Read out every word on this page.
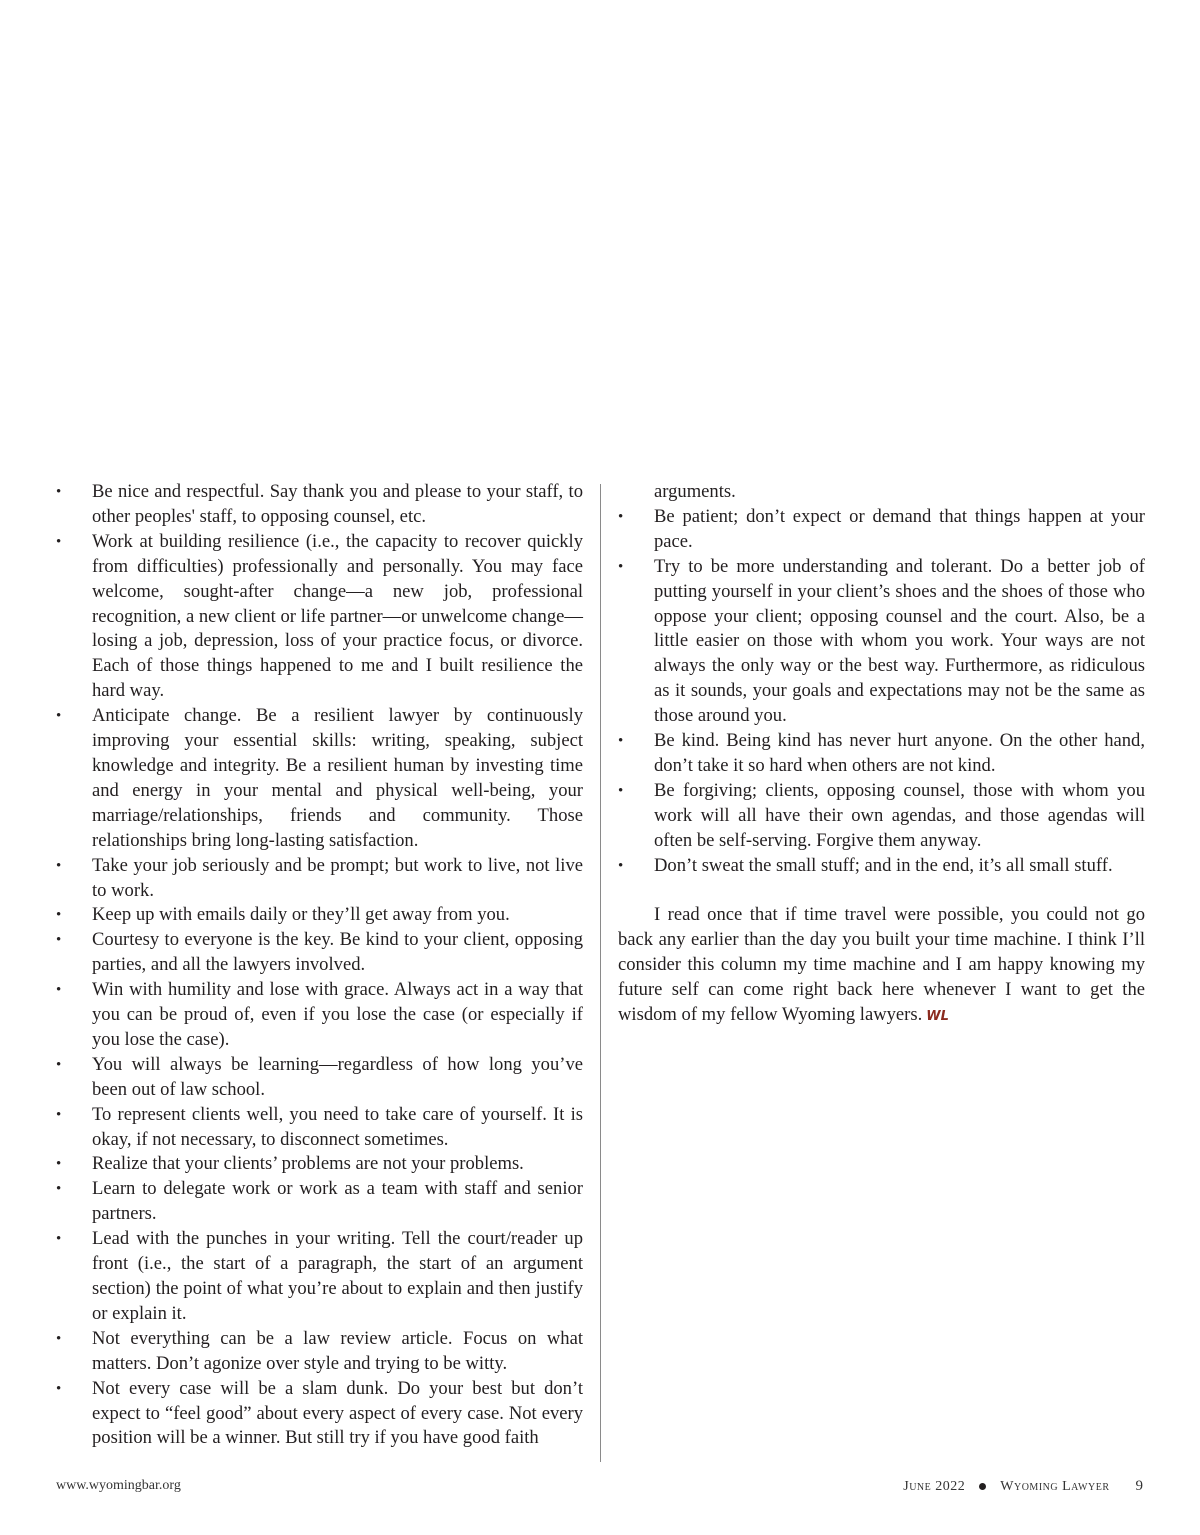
• Be nice and respectful. Say thank you and please to your staff, to other peoples' staff, to opposing counsel, etc.
• Work at building resilience (i.e., the capacity to recover quickly from difficulties) professionally and personally. You may face welcome, sought-after change—a new job, professional recognition, a new client or life partner—or unwelcome change—losing a job, depression, loss of your practice focus, or divorce. Each of those things happened to me and I built resilience the hard way.
• Anticipate change. Be a resilient lawyer by continuously improving your essential skills: writing, speaking, subject knowledge and integrity. Be a resilient human by investing time and energy in your mental and physical well-being, your marriage/relationships, friends and community. Those relationships bring long-lasting satisfaction.
• Take your job seriously and be prompt; but work to live, not live to work.
• Keep up with emails daily or they’ll get away from you.
• Courtesy to everyone is the key. Be kind to your client, opposing parties, and all the lawyers involved.
• Win with humility and lose with grace. Always act in a way that you can be proud of, even if you lose the case (or especially if you lose the case).
• You will always be learning—regardless of how long you’ve been out of law school.
• To represent clients well, you need to take care of yourself. It is okay, if not necessary, to disconnect sometimes.
• Realize that your clients’ problems are not your problems.
• Learn to delegate work or work as a team with staff and senior partners.
• Lead with the punches in your writing. Tell the court/reader up front (i.e., the start of a paragraph, the start of an argument section) the point of what you’re about to explain and then justify or explain it.
• Not everything can be a law review article. Focus on what matters. Don’t agonize over style and trying to be witty.
• Not every case will be a slam dunk. Do your best but don’t expect to “feel good” about every aspect of every case. Not every position will be a winner. But still try if you have good faith
arguments.
• Be patient; don’t expect or demand that things happen at your pace.
• Try to be more understanding and tolerant. Do a better job of putting yourself in your client’s shoes and the shoes of those who oppose your client; opposing counsel and the court. Also, be a little easier on those with whom you work. Your ways are not always the only way or the best way. Furthermore, as ridiculous as it sounds, your goals and expectations may not be the same as those around you.
• Be kind. Being kind has never hurt anyone. On the other hand, don’t take it so hard when others are not kind.
• Be forgiving; clients, opposing counsel, those with whom you work will all have their own agendas, and those agendas will often be self-serving. Forgive them anyway.
• Don’t sweat the small stuff; and in the end, it’s all small stuff.

I read once that if time travel were possible, you could not go back any earlier than the day you built your time machine. I think I’ll consider this column my time machine and I am happy knowing my future self can come right back here whenever I want to get the wisdom of my fellow Wyoming lawyers. WL

www.wyomingbar.org	June 2022	Wyoming Lawyer 9
